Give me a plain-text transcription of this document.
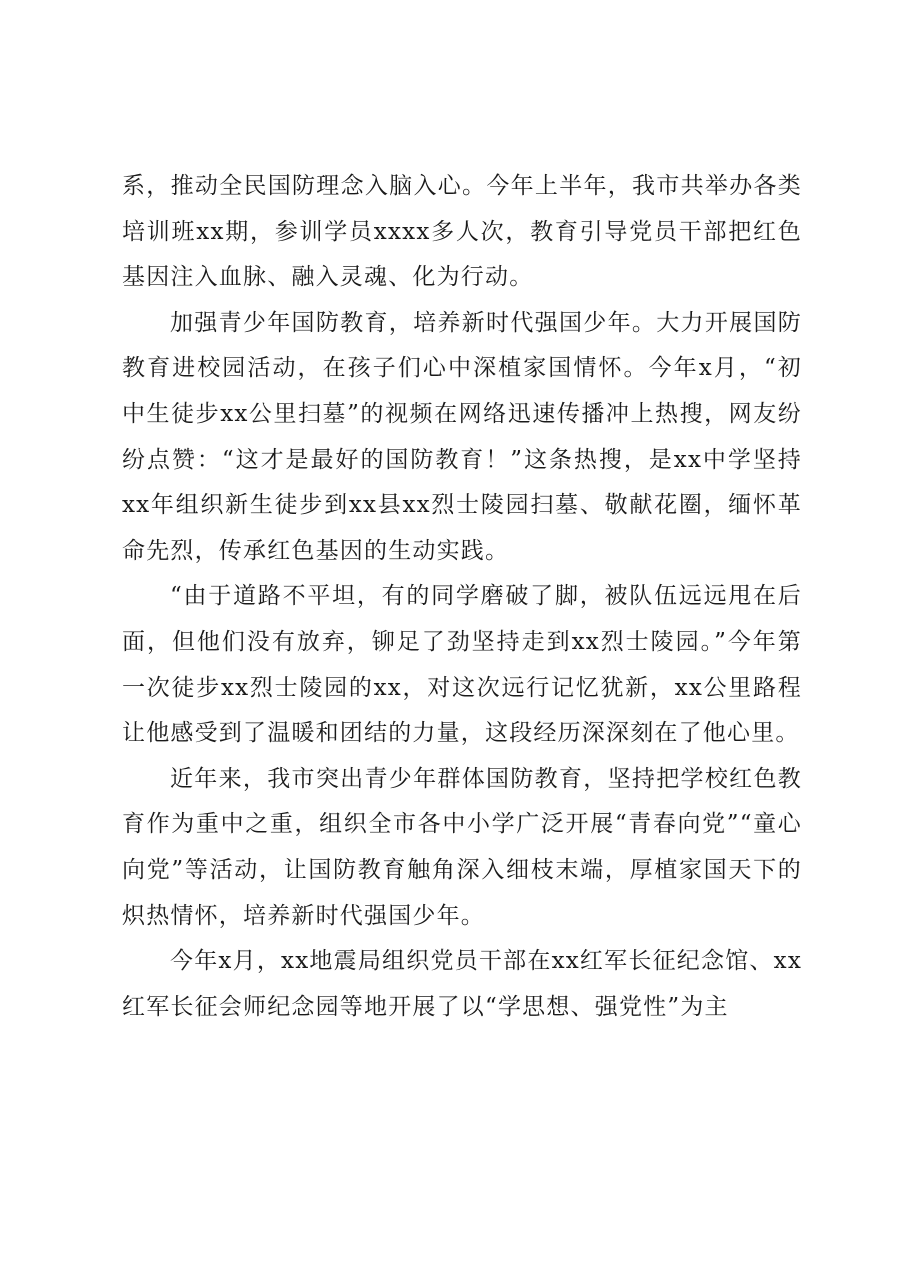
系，推动全民国防理念入脑入心。今年上半年，我市共举办各类培训班xx期，参训学员xxxx多人次，教育引导党员干部把红色基因注入血脉、融入灵魂、化为行动。

加强青少年国防教育，培养新时代强国少年。大力开展国防教育进校园活动，在孩子们心中深植家国情怀。今年x月，“初中生徒步xx公里扫墓”的视频在网络迅速传播冲上热搜，网友纷纷点赞：“这才是最好的国防教育！”这条热搜，是xx中学坚持xx年组织新生徒步到xx县xx烈士陵园扫墓、敬献花圈，缅怀革命先烈，传承红色基因的生动实践。

“由于道路不平坦，有的同学磨破了脚，被队伍远远甩在后面，但他们没有放弃，铆足了劲坚持走到xx烈士陵园。”今年第一次徒步xx烈士陵园的xx，对这次远行记忆犹新，xx公里路程让他感受到了温暖和团结的力量，这段经历深深刻在了他心里。

近年来，我市突出青少年群体国防教育，坚持把学校红色教育作为重中之重，组织全市各中小学广泛开展“青春向党”“童心向党”等活动，让国防教育触角深入细枝末端，厚植家国天下的炽热情怀，培养新时代强国少年。

今年x月，xx地震局组织党员干部在xx红军长征纪念馆、xx红军长征会师纪念园等地开展了以“学思想、强党性”为主
